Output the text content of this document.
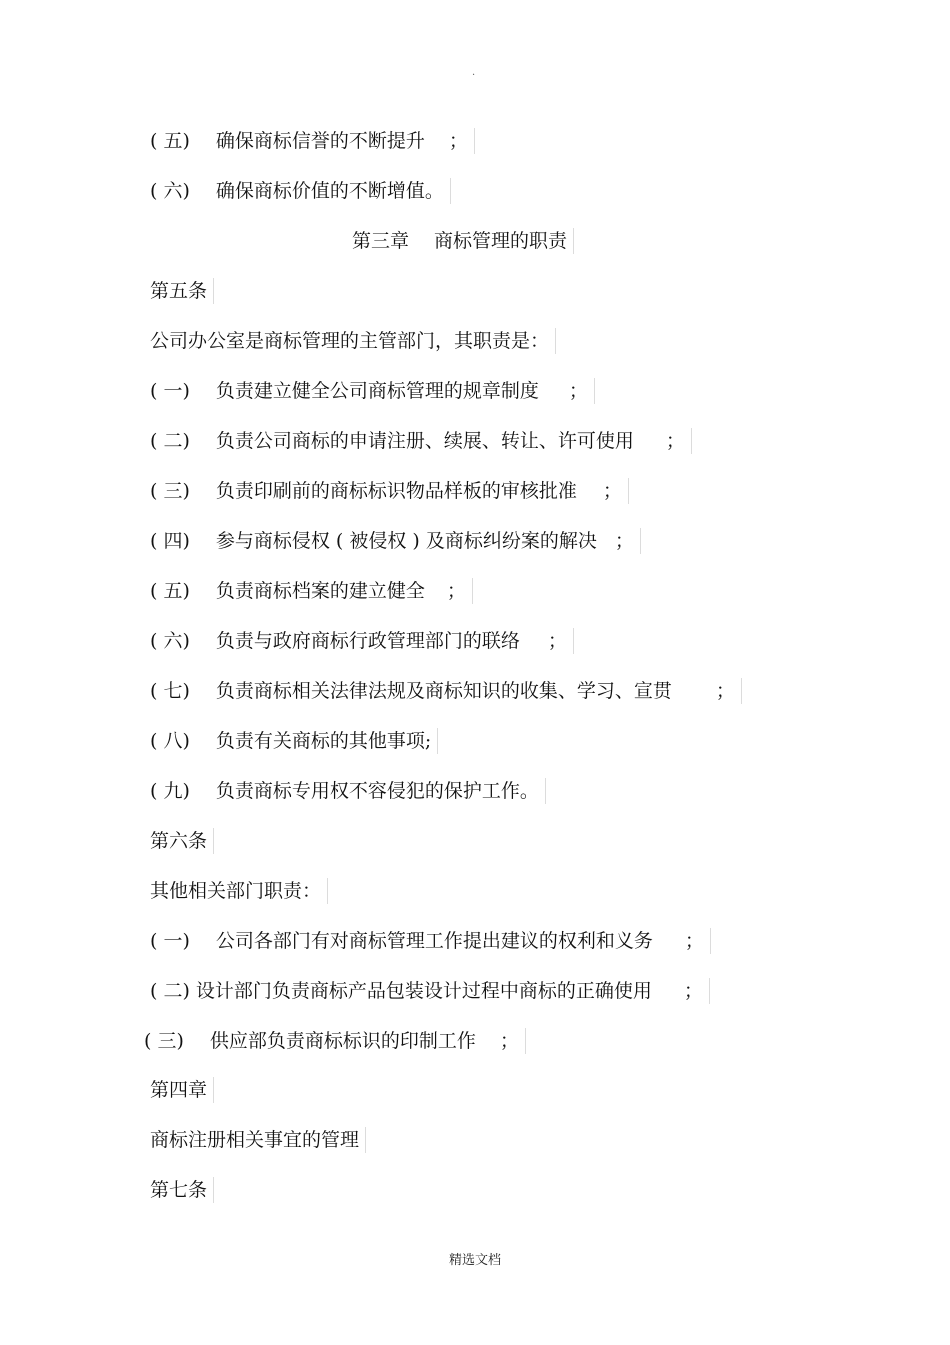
·
( 五) 确保商标信誉的不断提升 ；
( 六) 确保商标价值的不断增值。
第三章　 商标管理的职责
第五条
公司办公室是商标管理的主管部门，其职责是：
( 一) 负责建立健全公司商标管理的规章制度 ；
( 二) 负责公司商标的申请注册、续展、转让、许可使用 ；
( 三) 负责印刷前的商标标识物品样板的审核批准 ；
( 四) 参与商标侵权 ( 被侵权 ) 及商标纠纷案的解决 ；
( 五) 负责商标档案的建立健全 ；
( 六) 负责与政府商标行政管理部门的联络 ；
( 七) 负责商标相关法律法规及商标知识的收集、学习、宣贯 ；
( 八) 负责有关商标的其他事项;
( 九) 负责商标专用权不容侵犯的保护工作。
第六条
其他相关部门职责：
( 一) 公司各部门有对商标管理工作提出建议的权利和义务 ；
( 二) 设计部门负责商标产品包装设计过程中商标的正确使用 ；
( 三) 供应部负责商标标识的印制工作 ；
第四章
商标注册相关事宜的管理
第七条
精选文档
